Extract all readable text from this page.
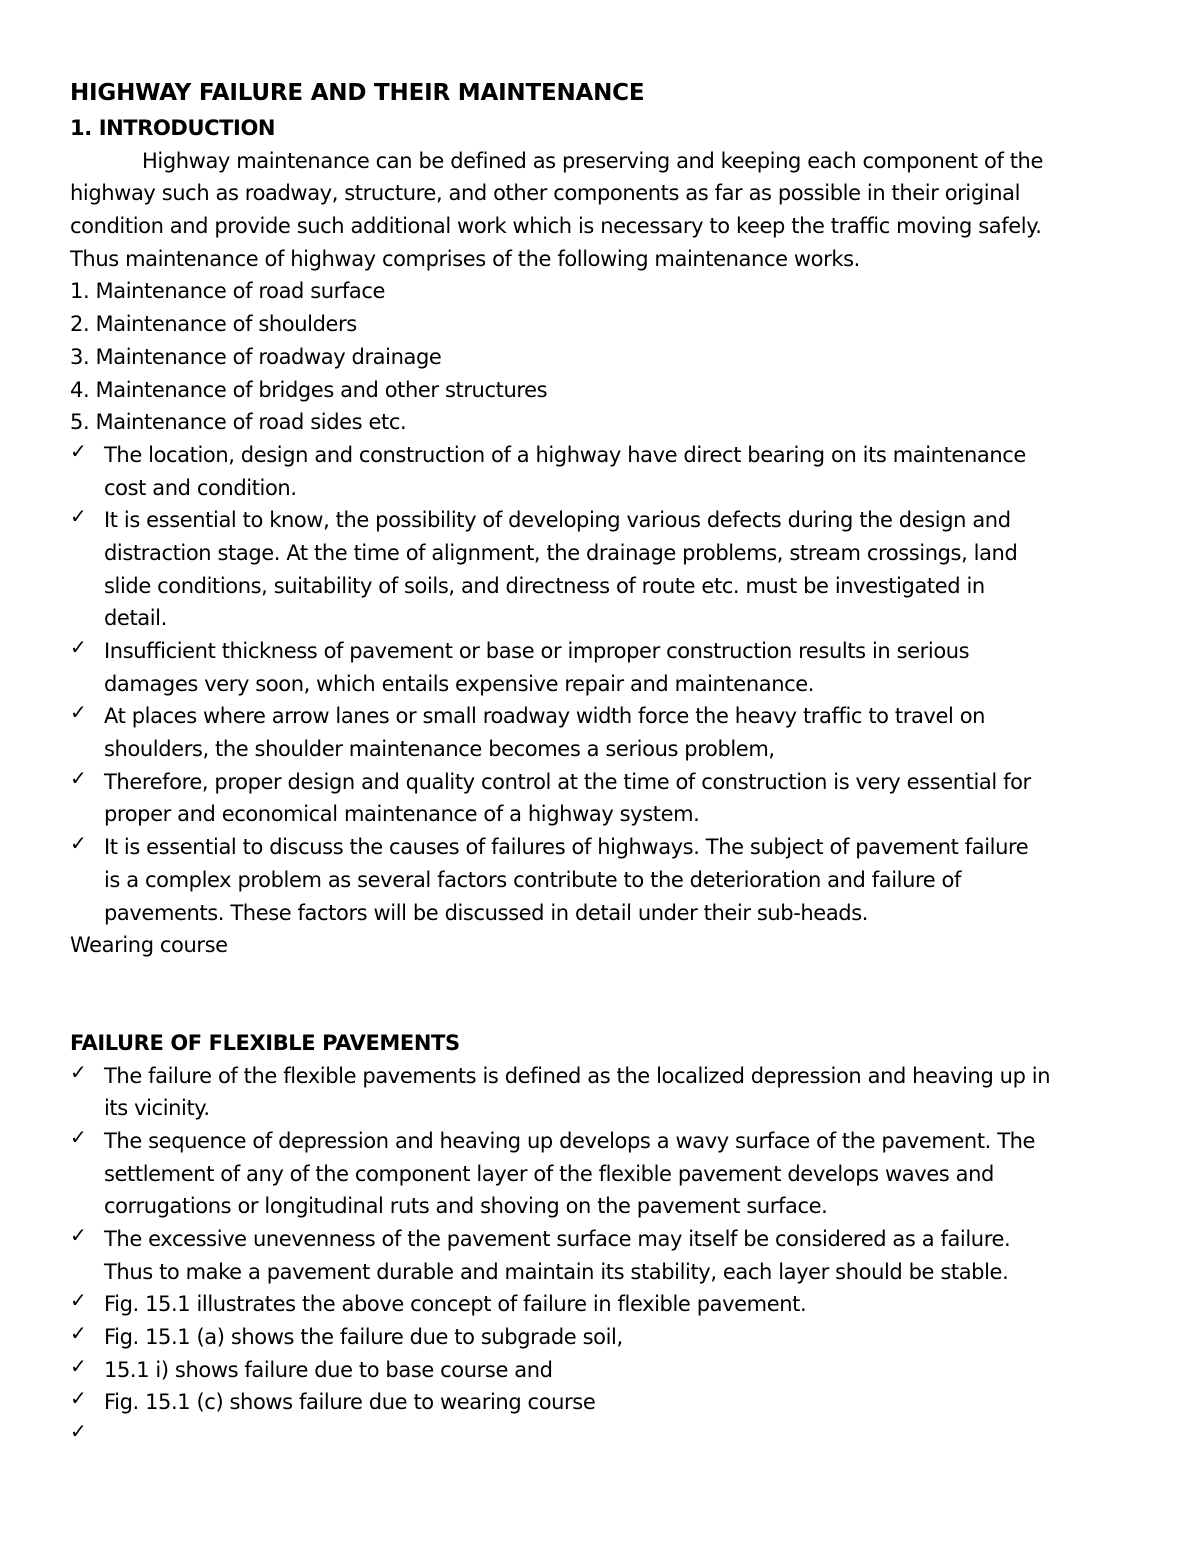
HIGHWAY FAILURE AND THEIR MAINTENANCE
1. INTRODUCTION
Highway maintenance can be defined as preserving and keeping each component of the
highway such as roadway, structure, and other components as far as possible in their original
condition and provide such additional work which is necessary to keep the traffic moving safely.
Thus maintenance of highway comprises of the following maintenance works.
1. Maintenance of road surface
2. Maintenance of shoulders
3. Maintenance of roadway drainage
4. Maintenance of bridges and other structures
5. Maintenance of road sides etc.
✓ The location, design and construction of a highway have direct bearing on its maintenance
cost and condition.
✓ It is essential to know, the possibility of developing various defects during the design and
distraction stage. At the time of alignment, the drainage problems, stream crossings, land
slide conditions, suitability of soils, and directness of route etc. must be investigated in
detail.
✓ Insufficient thickness of pavement or base or improper construction results in serious
damages very soon, which entails expensive repair and maintenance.
✓ At places where arrow lanes or small roadway width force the heavy traffic to travel on
shoulders, the shoulder maintenance becomes a serious problem,
✓ Therefore, proper design and quality control at the time of construction is very essential for
proper and economical maintenance of a highway system.
✓ It is essential to discuss the causes of failures of highways. The subject of pavement failure
is a complex problem as several factors contribute to the deterioration and failure of
pavements. These factors will be discussed in detail under their sub-heads.
Wearing course
FAILURE OF FLEXIBLE PAVEMENTS
✓ The failure of the flexible pavements is defined as the localized depression and heaving up in
its vicinity.
✓ The sequence of depression and heaving up develops a wavy surface of the pavement. The
settlement of any of the component layer of the flexible pavement develops waves and
corrugations or longitudinal ruts and shoving on the pavement surface.
✓ The excessive unevenness of the pavement surface may itself be considered as a failure.
Thus to make a pavement durable and maintain its stability, each layer should be stable.
✓ Fig. 15.1 illustrates the above concept of failure in flexible pavement.
✓ Fig. 15.1 (a) shows the failure due to subgrade soil,
✓ 15.1 i) shows failure due to base course and
✓ Fig. 15.1 (c) shows failure due to wearing course
✓
